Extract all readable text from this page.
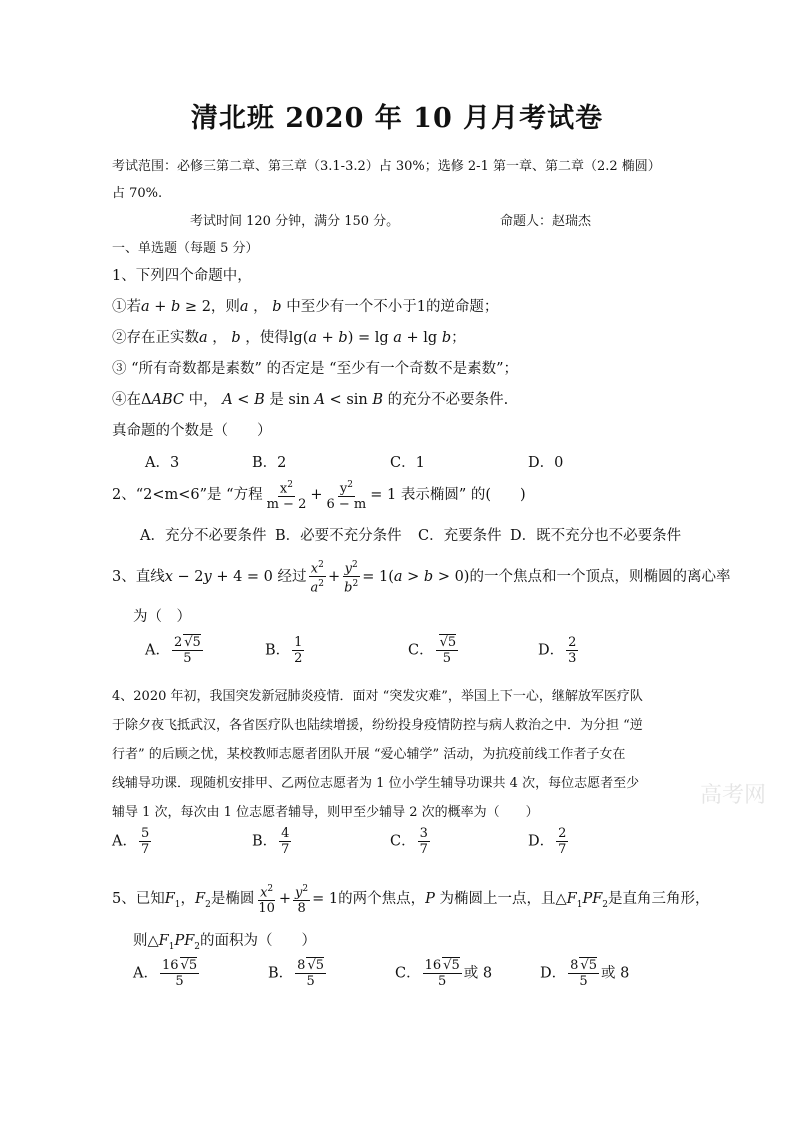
清北班 2020 年 10 月月考试卷
考试范围：必修三第二章、第三章（3.1-3.2）占 30%；选修 2-1 第一章、第二章（2.2 椭圆）
占 70%.
考试时间 120 分钟，满分 150 分。	命题人：赵瑞杰
一、单选题（每题 5 分）
1、下列四个命题中，
①若a + b ≥ 2，则a ， b 中至少有一个不小于1的逆命题；
②存在正实数a ， b ，使得lg(a + b) = lg a + lg b；
③ “所有奇数都是素数” 的否定是 “至少有一个奇数不是素数”；
④在ΔABC 中， A < B 是 sin A < sin B 的充分不必要条件.
真命题的个数是（　　）
A．3	B．2	C．1	D．0
2、“2<m<6”是 “方程 $\frac{x^2}{m - 2} + \frac{y^2}{6 - m} = 1$ 表示椭圆” 的(　　)
A．充分不必要条件 B．必要不充分条件 C．充要条件 D．既不充分也不必要条件
3、直线x − 2y + 4 = 0 经过 $\frac{x^2}{a^2} + \frac{y^2}{b^2} = 1(a > b > 0)$的一个焦点和一个顶点，则椭圆的离心率
为（　）
A． $\frac{2 √5}{5}$	B． $\frac{1}{2}$	C． $\frac{√5}{5}$	D． $\frac{2}{3}$
4、2020 年初，我国突发新冠肺炎疫情．面对 “突发灾难”，举国上下一心，继解放军医疗队
于除夕夜飞抵武汉，各省医疗队也陆续增援，纷纷投身疫情防控与病人救治之中．为分担 “逆
行者” 的后顾之忧，某校教师志愿者团队开展 “爱心辅学” 活动，为抗疫前线工作者子女在
线辅导功课．现随机安排甲、乙两位志愿者为 1 位小学生辅导功课共 4 次，每位志愿者至少
辅导 1 次，每次由 1 位志愿者辅导，则甲至少辅导 2 次的概率为（　　）
A． $\frac{5}{7}$	B． $\frac{4}{7}$	C． $\frac{3}{7}$	D． $\frac{2}{7}$
5、已知$F_1$，$F_2$是椭圆 $\frac{x^2}{10} + \frac{y^2}{8} = 1$的两个焦点，P 为椭圆上一点，且$\triangle F_1PF_2$是直角三角形，
则$\triangle F_1PF_2$的面积为（　　）
A． $\frac{16 √5}{5}$	B． $\frac{8 √5}{5}$	C． $\frac{16 √5}{5}$ 或 8	D． $\frac{8 √5}{5}$ 或 8
高考网
